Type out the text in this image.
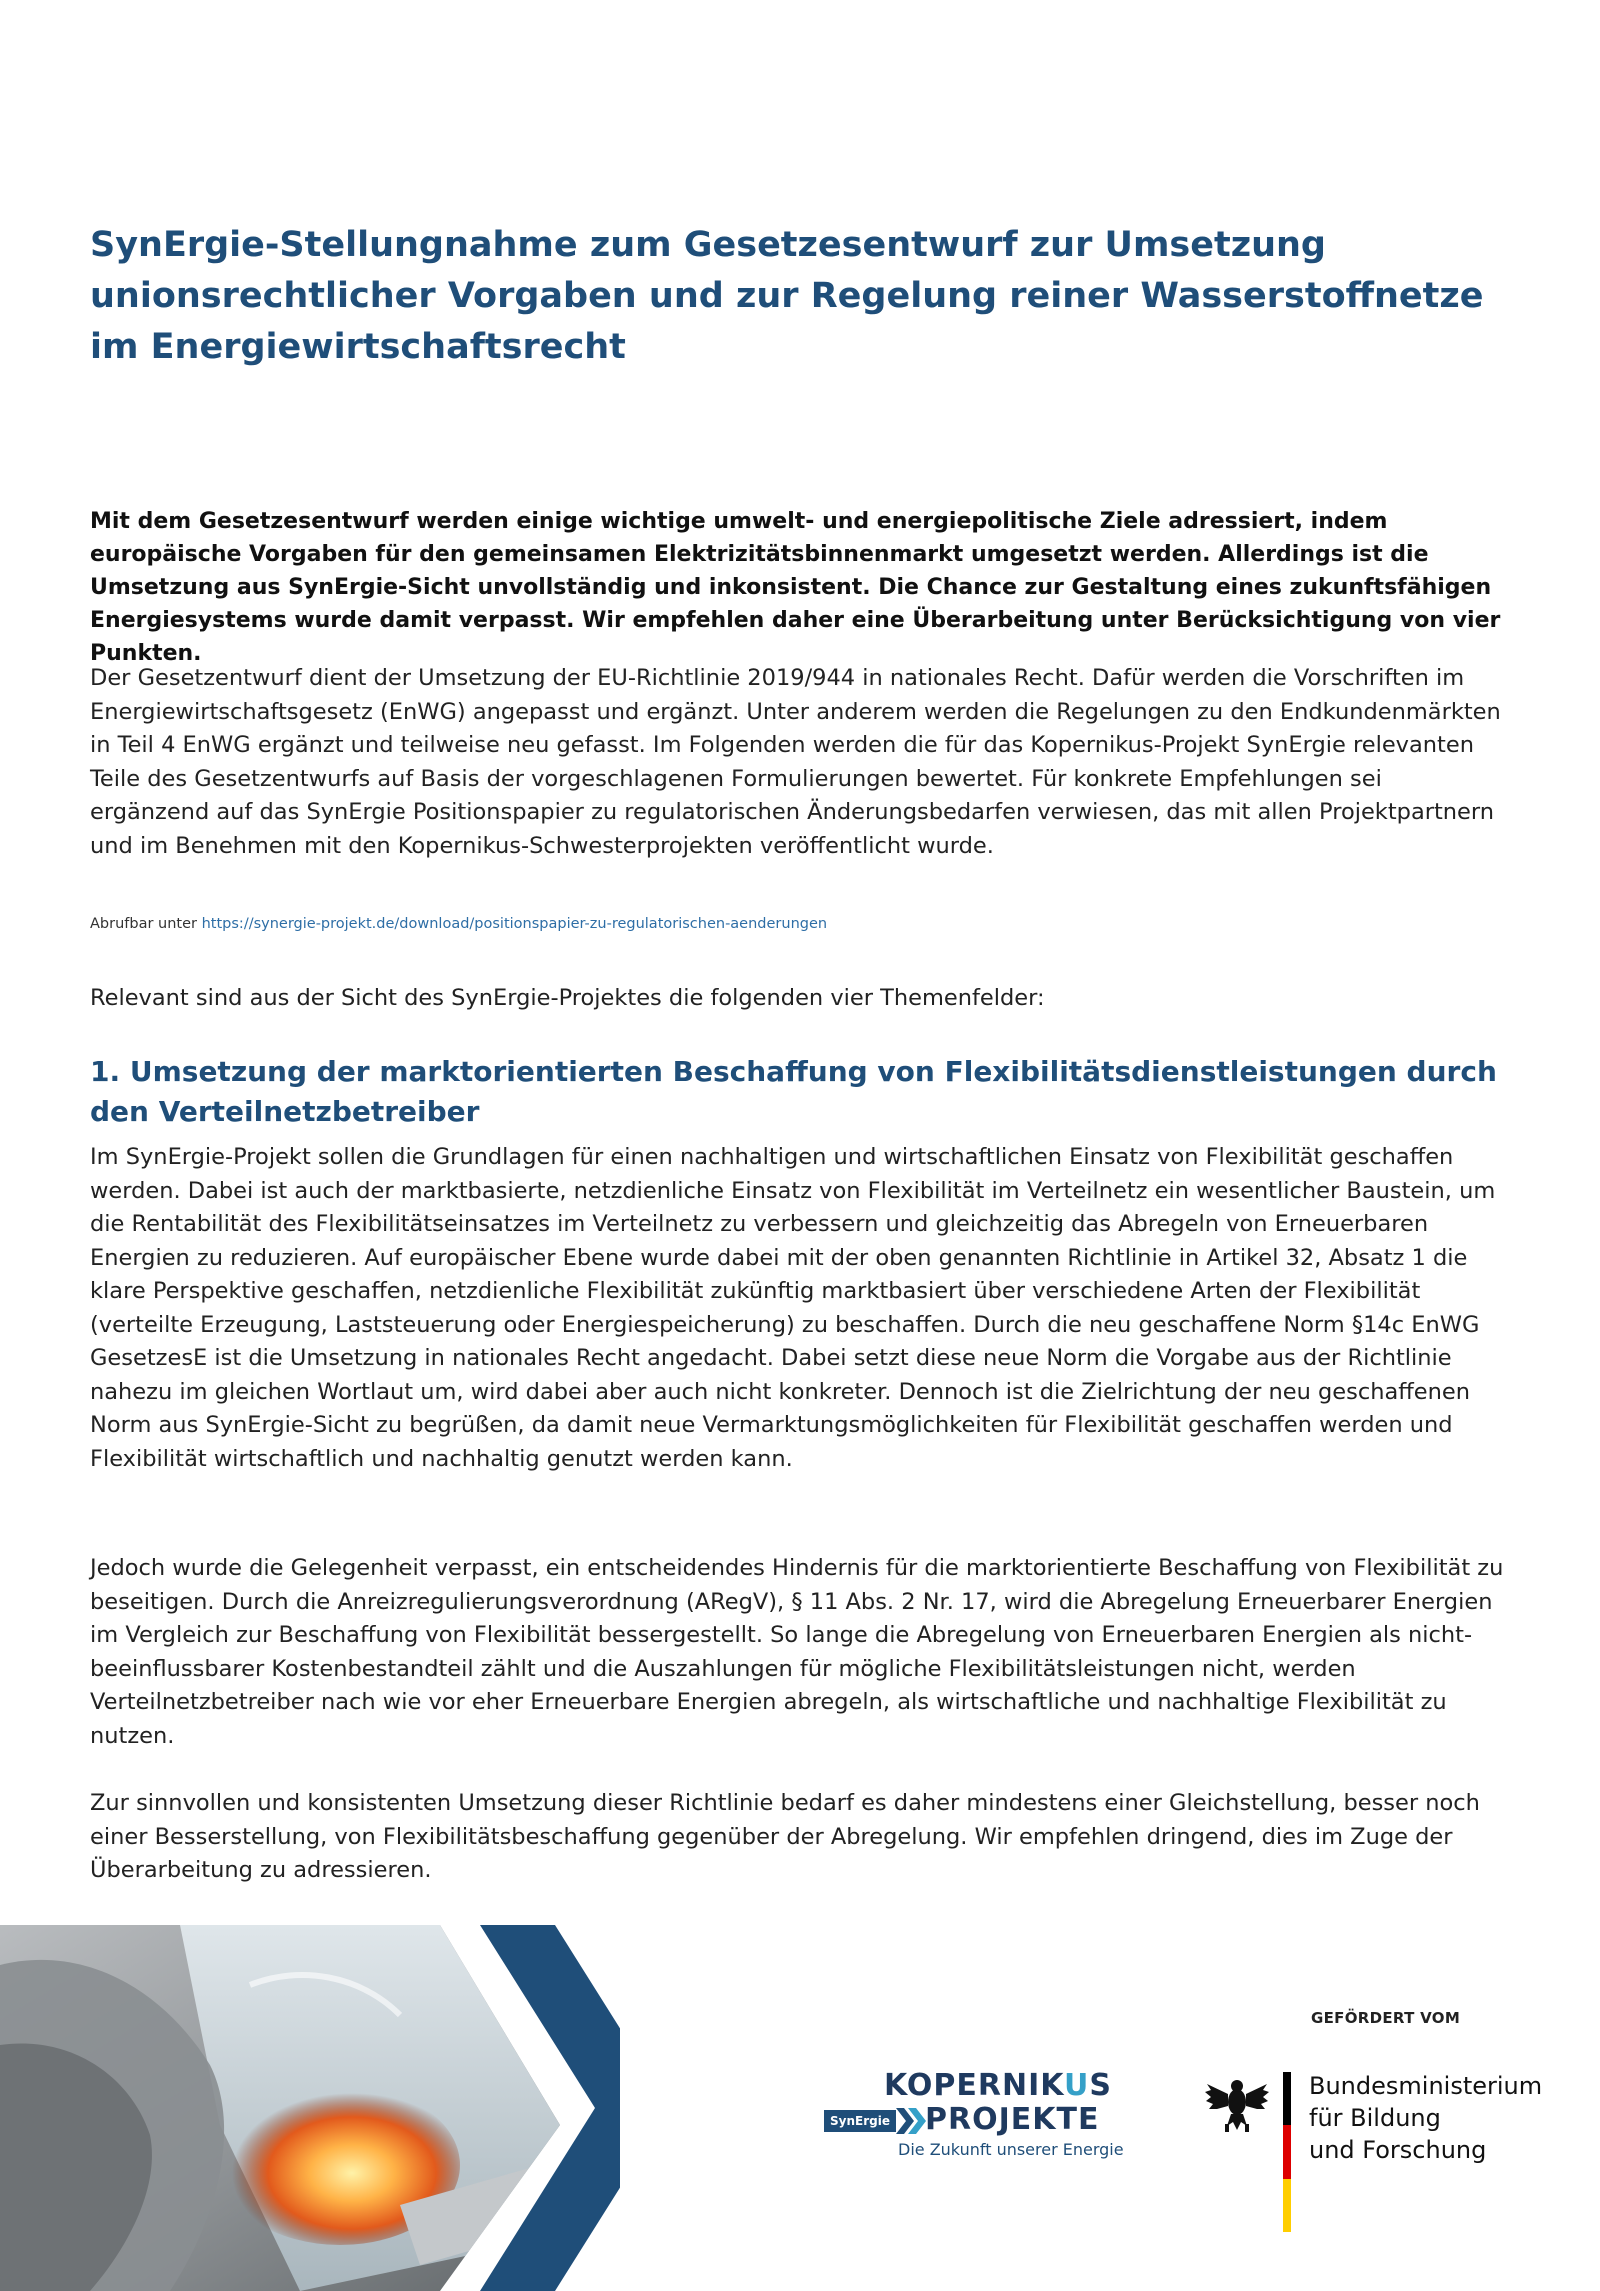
SynErgie-Stellungnahme zum Gesetzesentwurf zur Umsetzung unionsrechtlicher Vorgaben und zur Regelung reiner Wasserstoffnetze im Energiewirtschaftsrecht

Mit dem Gesetzesentwurf werden einige wichtige umwelt- und energiepolitische Ziele adressiert, indem europäische Vorgaben für den gemeinsamen Elektrizitätsbinnenmarkt umgesetzt werden. Allerdings ist die Umsetzung aus SynErgie-Sicht unvollständig und inkonsistent. Die Chance zur Gestaltung eines zukunftsfähigen Energiesystems wurde damit verpasst. Wir empfehlen daher eine Überarbeitung unter Berücksichtigung von vier Punkten.

Der Gesetzentwurf dient der Umsetzung der EU-Richtlinie 2019/944 in nationales Recht. Dafür werden die Vorschriften im Energiewirtschaftsgesetz (EnWG) angepasst und ergänzt. Unter anderem werden die Regelungen zu den Endkundenmärkten in Teil 4 EnWG ergänzt und teilweise neu gefasst. Im Folgenden werden die für das Kopernikus-Projekt SynErgie relevanten Teile des Gesetzentwurfs auf Basis der vorgeschlagenen Formulierungen bewertet. Für konkrete Empfehlungen sei ergänzend auf das SynErgie Positionspapier zu regulatorischen Änderungsbedarfen verwiesen, das mit allen Projektpartnern und im Benehmen mit den Kopernikus-Schwesterprojekten veröffentlicht wurde.

Abrufbar unter https://synergie-projekt.de/download/positionspapier-zu-regulatorischen-aenderungen

Relevant sind aus der Sicht des SynErgie-Projektes die folgenden vier Themenfelder:

1. Umsetzung der marktorientierten Beschaffung von Flexibilitätsdienstleistungen durch den Verteilnetzbetreiber

Im SynErgie-Projekt sollen die Grundlagen für einen nachhaltigen und wirtschaftlichen Einsatz von Flexibilität geschaffen werden. Dabei ist auch der marktbasierte, netzdienliche Einsatz von Flexibilität im Verteilnetz ein wesentlicher Baustein, um die Rentabilität des Flexibilitätseinsatzes im Verteilnetz zu verbessern und gleichzeitig das Abregeln von Erneuerbaren Energien zu reduzieren. Auf europäischer Ebene wurde dabei mit der oben genannten Richtlinie in Artikel 32, Absatz 1 die klare Perspektive geschaffen, netzdienliche Flexibilität zukünftig marktbasiert über verschiedene Arten der Flexibilität (verteilte Erzeugung, Laststeuerung oder Energiespeicherung) zu beschaffen. Durch die neu geschaffene Norm §14c EnWG GesetzesE ist die Umsetzung in nationales Recht angedacht. Dabei setzt diese neue Norm die Vorgabe aus der Richtlinie nahezu im gleichen Wortlaut um, wird dabei aber auch nicht konkreter. Dennoch ist die Zielrichtung der neu geschaffenen Norm aus SynErgie-Sicht zu begrüßen, da damit neue Vermarktungsmöglichkeiten für Flexibilität geschaffen werden und Flexibilität wirtschaftlich und nachhaltig genutzt werden kann.

Jedoch wurde die Gelegenheit verpasst, ein entscheidendes Hindernis für die marktorientierte Beschaffung von Flexibilität zu beseitigen. Durch die Anreizregulierungsverordnung (ARegV), § 11 Abs. 2 Nr. 17, wird die Abregelung Erneuerbarer Energien im Vergleich zur Beschaffung von Flexibilität bessergestellt. So lange die Abregelung von Erneuerbaren Energien als nicht-beeinflussbarer Kostenbestandteil zählt und die Auszahlungen für mögliche Flexibilitätsleistungen nicht, werden Verteilnetzbetreiber nach wie vor eher Erneuerbare Energien abregeln, als wirtschaftliche und nachhaltige Flexibilität zu nutzen.

Zur sinnvollen und konsistenten Umsetzung dieser Richtlinie bedarf es daher mindestens einer Gleichstellung, besser noch einer Besserstellung, von Flexibilitätsbeschaffung gegenüber der Abregelung. Wir empfehlen dringend, dies im Zuge der Überarbeitung zu adressieren.

GEFÖRDERT VOM
KOPERNIKUS
SynErgie PROJEKTE
Die Zukunft unserer Energie
Bundesministerium
für Bildung
und Forschung
